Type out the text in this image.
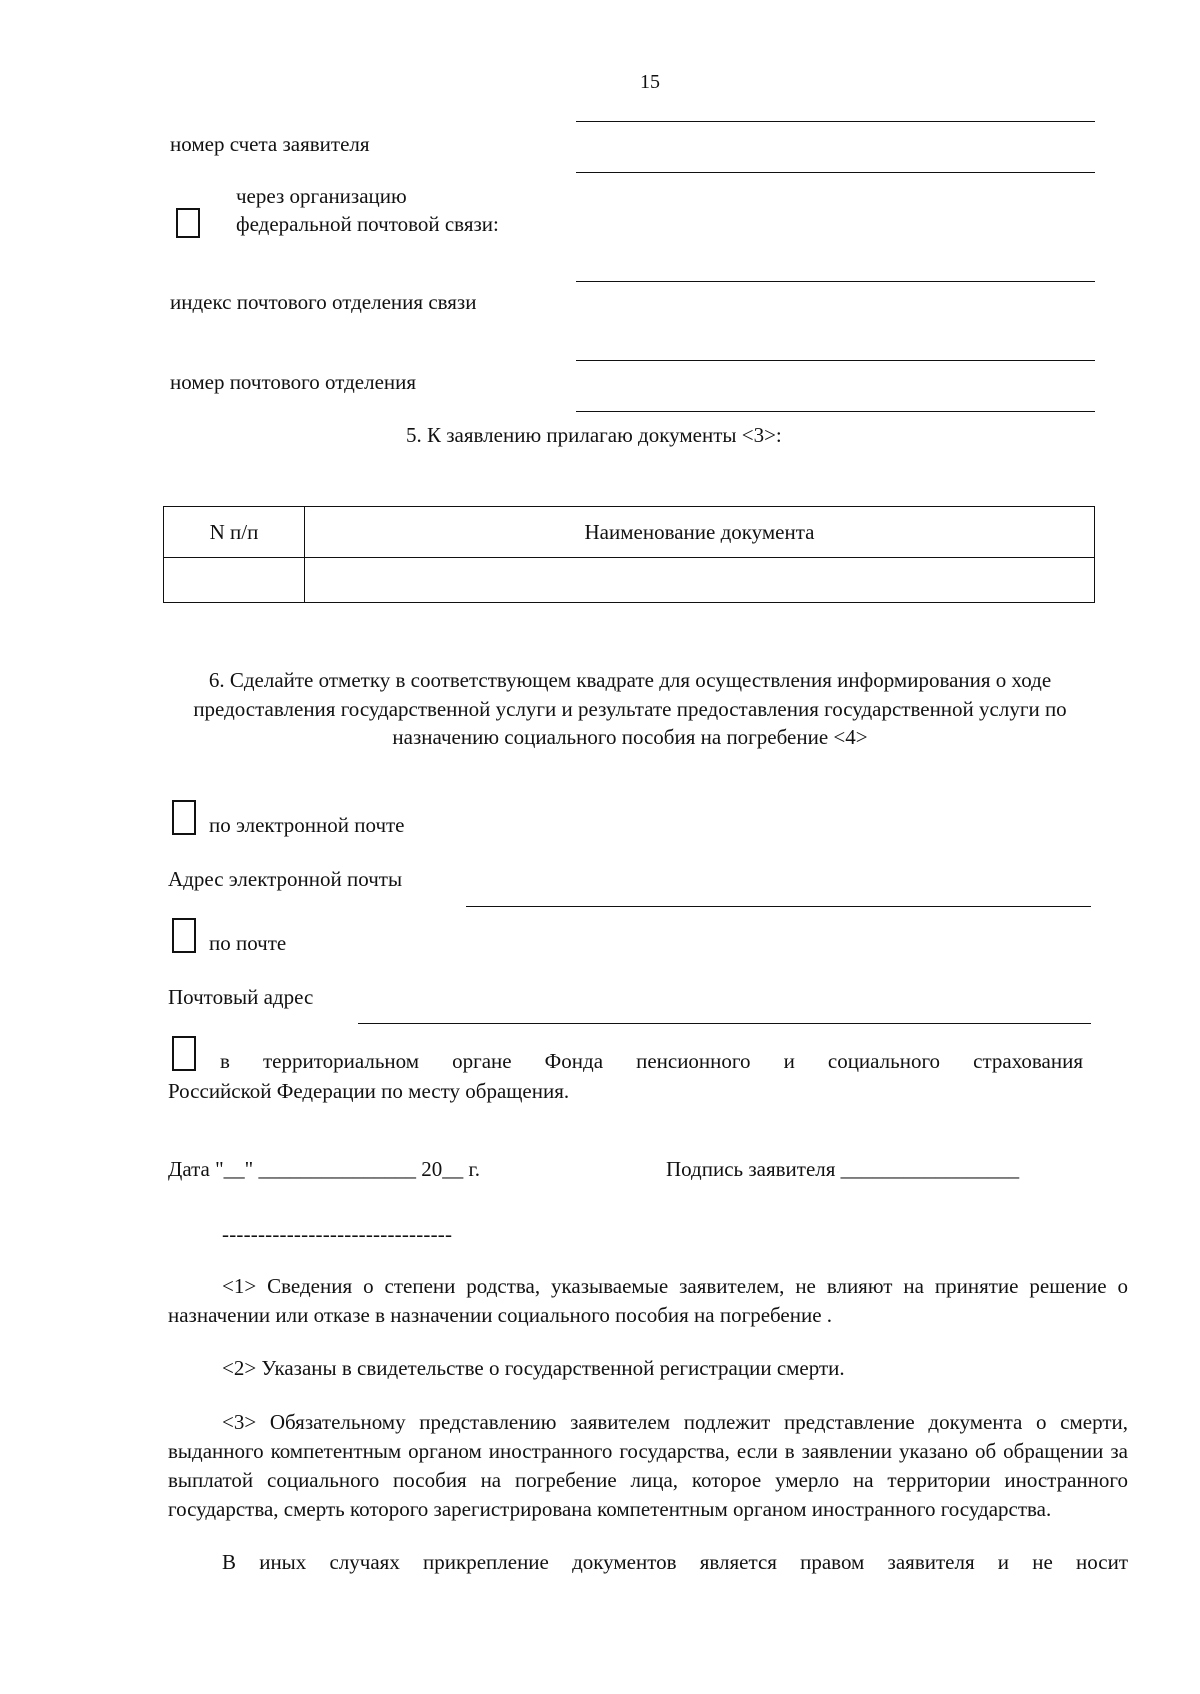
15
номер счета заявителя
через организацию федеральной почтовой связи:
индекс почтового отделения связи
номер почтового отделения
5. К заявлению прилагаю документы <3>:
N п/п	Наименование документа

6. Сделайте отметку в соответствующем квадрате для осуществления информирования о ходе предоставления государственной услуги и результате предоставления государственной услуги по назначению социального пособия на погребение <4>
по электронной почте
Адрес электронной почты
по почте
Почтовый адрес
в территориальном органе Фонда пенсионного и социального страхования
Российской Федерации по месту обращения.
Дата "__" _______________ 20__ г.	Подпись заявителя _________________
--------------------------------
<1> Сведения о степени родства, указываемые заявителем, не влияют на принятие решение о назначении или отказе в назначении социального пособия на погребение .
<2> Указаны в свидетельстве о государственной регистрации смерти.
<3> Обязательному представлению заявителем подлежит представление документа о смерти, выданного компетентным органом иностранного государства, если в заявлении указано об обращении за выплатой социального пособия на погребение лица, которое умерло на территории иностранного государства, смерть которого зарегистрирована компетентным органом иностранного государства.
В иных случаях прикрепление документов является правом заявителя и не носит
